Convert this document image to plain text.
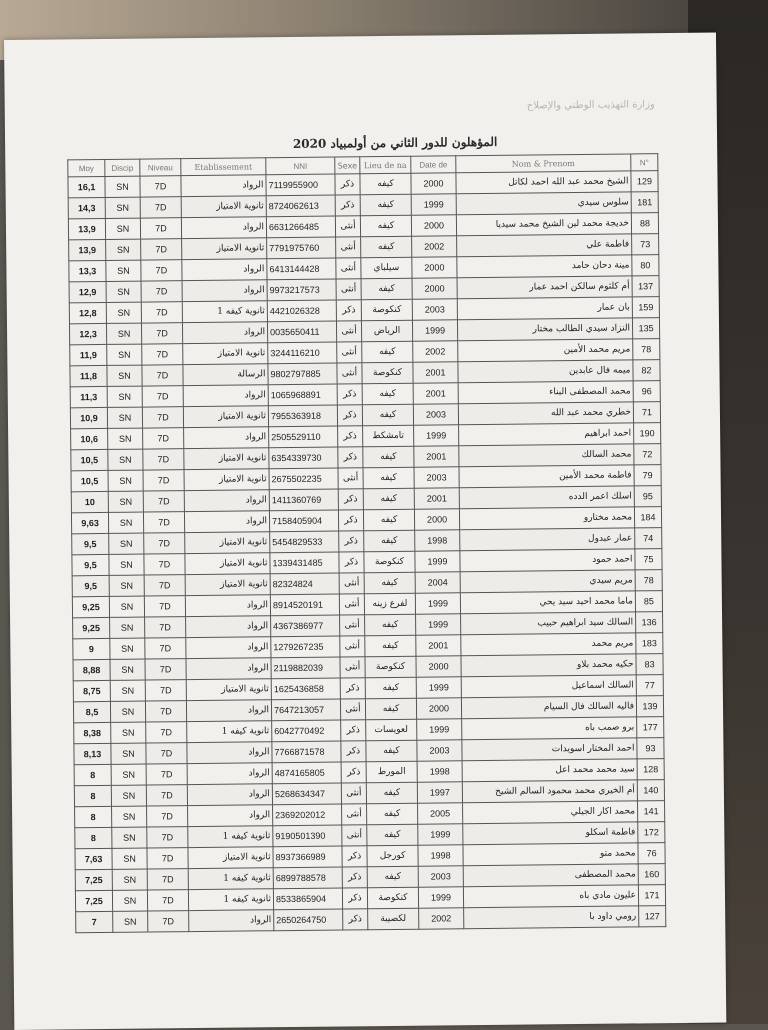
وزارة التهذيب الوطني والإصلاح
المؤهلون للدور الثاني من أولمبياد 2020
Moy	Discip	Niveau	Etablissement	NNI	Sexe	Lieu de na	Date de	Nom & Prenom	N°
16,1	SN	7D	الرواد	7119955900	ذكر	كيفه	2000	الشيخ محمد عبد الله احمد لكاتل	129
14,3	SN	7D	ثانوية الامتياز	8724062613	ذكر	كيفه	1999	سلوس سيدي	181
13,9	SN	7D	الرواد	6631266485	أنثى	كيفه	2000	خديجة محمد لين الشيخ محمد سيديا	88
13,9	SN	7D	ثانوية الامتياز	7791975760	أنثى	كيفه	2002	فاطمة علي	73
13,3	SN	7D	الرواد	6413144428	أنثى	سيلباي	2000	مينة دحان حامد	80
12,9	SN	7D	الرواد	9973217573	أنثى	كيفه	2000	أم كلثوم سالكن احمد عمار	137
12,8	SN	7D	ثانوية كيفه 1	4421026328	ذكر	كنكوصة	2003	بان عمار	159
12,3	SN	7D	الرواد	0035650411	أنثى	الرياض	1999	النزاد سيدي الطالب مختار	135
11,9	SN	7D	ثانوية الامتياز	3244116210	أنثى	كيفه	2002	مريم محمد الأمين	78
11,8	SN	7D	الرسالة	9802797885	أنثى	كنكوصة	2001	ميمه فال عابدين	82
11,3	SN	7D	الرواد	1065968891	ذكر	كيفه	2001	محمد المصطفى البناء	96
10,9	SN	7D	ثانوية الامتياز	7955363918	ذكر	كيفه	2003	خطري محمد عبد الله	71
10,6	SN	7D	الرواد	2505529110	ذكر	تامشكط	1999	احمد ابراهيم	190
10,5	SN	7D	ثانوية الامتياز	6354339730	ذكر	كيفه	2001	محمد السالك	72
10,5	SN	7D	ثانوية الامتياز	2675502235	أنثى	كيفه	2003	فاطمة محمد الأمين	79
10	SN	7D	الرواد	1411360769	ذكر	كيفه	2001	اسلك اعمر الدده	95
9,63	SN	7D	الرواد	7158405904	ذكر	كيفه	2000	محمد مختارو	184
9,5	SN	7D	ثانوية الامتياز	5454829533	ذكر	كيفه	1998	عمار عبدول	74
9,5	SN	7D	ثانوية الامتياز	1339431485	ذكر	كنكوصة	1999	احمد حمود	75
9,5	SN	7D	ثانوية الامتياز	82324824	أنثى	كيفه	2004	مريم سيدي	78
9,25	SN	7D	الرواد	8914520191	أنثى	لفرع زينه	1999	ماما محمد احيد سيد يحي	85
9,25	SN	7D	الرواد	4367386977	أنثى	كيفه	1999	السالك سيد ابراهيم حبيب	136
9	SN	7D	الرواد	1279267235	أنثى	كيفه	2001	مريم محمد	183
8,88	SN	7D	الرواد	2119882039	أنثى	كنكوصة	2000	حكيه محمد بلاو	83
8,75	SN	7D	ثانوية الامتياز	1625436858	ذكر	كيفه	1999	السالك اسماعيل	77
8,5	SN	7D	الرواد	7647213057	أنثى	كيفه	2000	فاليه السالك فال السيام	139
8,38	SN	7D	ثانوية كيفه 1	6042770492	ذكر	لعويسات	1999	برو صمب باه	177
8,13	SN	7D	الرواد	7766871578	ذكر	كيفه	2003	احمد المختار اسويدات	93
8	SN	7D	الرواد	4874165805	ذكر	المورط	1998	سيد محمد محمد اعل	128
8	SN	7D	الرواد	5268634347	أنثى	كيفه	1997	أم الخيري محمد محمود السالم الشيخ	140
8	SN	7D	الرواد	2369202012	أنثى	كيفه	2005	محمد اكار الجيلي	141
8	SN	7D	ثانوية كيفه 1	9190501390	أنثى	كيفه	1999	فاطمة اسكلو	172
7,63	SN	7D	ثانوية الامتياز	8937366989	ذكر	كورجل	1998	محمد متو	76
7,25	SN	7D	ثانوية كيفه 1	6899788578	ذكر	كيفه	2003	محمد المصطفى	160
7,25	SN	7D	ثانوية كيفه 1	8533865904	ذكر	كنكوصة	1999	عليون مادي باه	171
7	SN	7D	الرواد	2650264750	ذكر	لكصيبة	2002	رومي داود با	127
